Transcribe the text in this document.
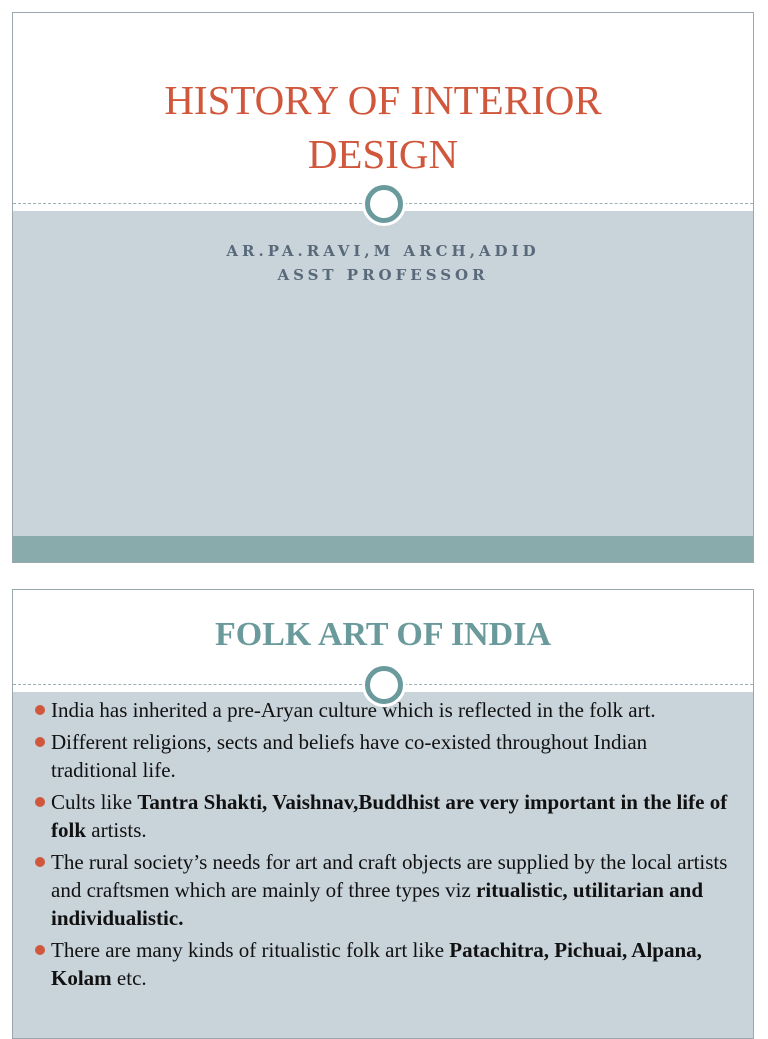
HISTORY OF INTERIOR
DESIGN
AR.PA.RAVI,M ARCH,ADID
ASST PROFESSOR
FOLK ART OF INDIA
India has inherited a pre-Aryan culture which is reflected in the folk art.
Different religions, sects and beliefs have co-existed throughout Indian traditional life.
Cults like Tantra Shakti, Vaishnav,Buddhist are very important in the life of folk artists.
The rural society’s needs for art and craft objects are supplied by the local artists and craftsmen which are mainly of three types viz ritualistic, utilitarian and individualistic.
There are many kinds of ritualistic folk art like Patachitra, Pichuai, Alpana, Kolam etc.
